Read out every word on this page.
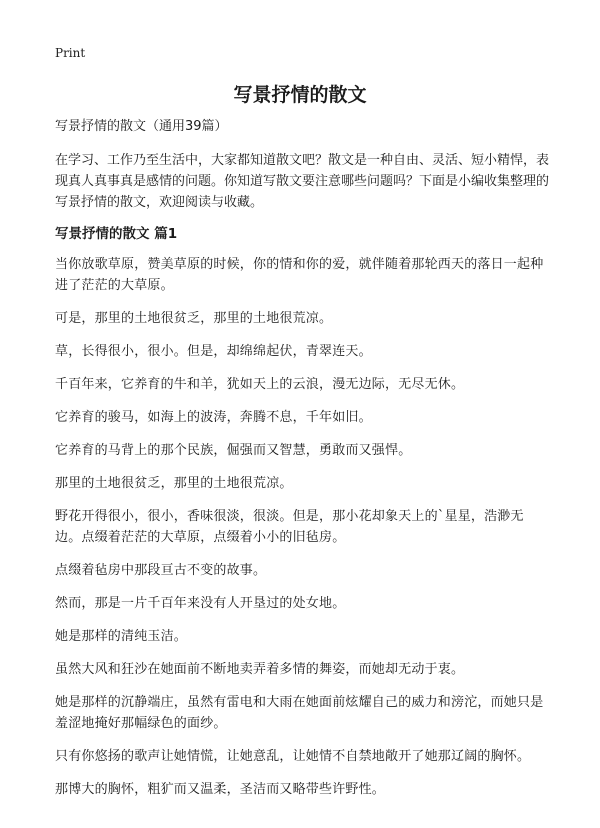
Print
写景抒情的散文

写景抒情的散文（通用39篇）

在学习、工作乃至生活中，大家都知道散文吧？散文是一种自由、灵活、短小精悍，表现真人真事真是感情的问题。你知道写散文要注意哪些问题吗？下面是小编收集整理的写景抒情的散文，欢迎阅读与收藏。

写景抒情的散文 篇1

当你放歌草原，赞美草原的时候，你的情和你的爱，就伴随着那轮西天的落日一起种进了茫茫的大草原。

可是，那里的土地很贫乏，那里的土地很荒凉。

草，长得很小，很小。但是，却绵绵起伏，青翠连天。

千百年来，它养育的牛和羊，犹如天上的云浪，漫无边际，无尽无休。

它养育的骏马，如海上的波涛，奔腾不息，千年如旧。

它养育的马背上的那个民族，倔强而又智慧，勇敢而又强悍。

那里的土地很贫乏，那里的土地很荒凉。

野花开得很小，很小，香味很淡，很淡。但是，那小花却象天上的`星星，浩渺无边。点缀着茫茫的大草原，点缀着小小的旧毡房。

点缀着毡房中那段亘古不变的故事。

然而，那是一片千百年来没有人开垦过的处女地。

她是那样的清纯玉洁。

虽然大风和狂沙在她面前不断地卖弄着多情的舞姿，而她却无动于衷。

她是那样的沉静端庄，虽然有雷电和大雨在她面前炫耀自己的威力和滂沱，而她只是羞涩地掩好那幅绿色的面纱。

只有你悠扬的歌声让她情慌，让她意乱，让她情不自禁地敞开了她那辽阔的胸怀。

那博大的胸怀，粗犷而又温柔，圣洁而又略带些许野性。
